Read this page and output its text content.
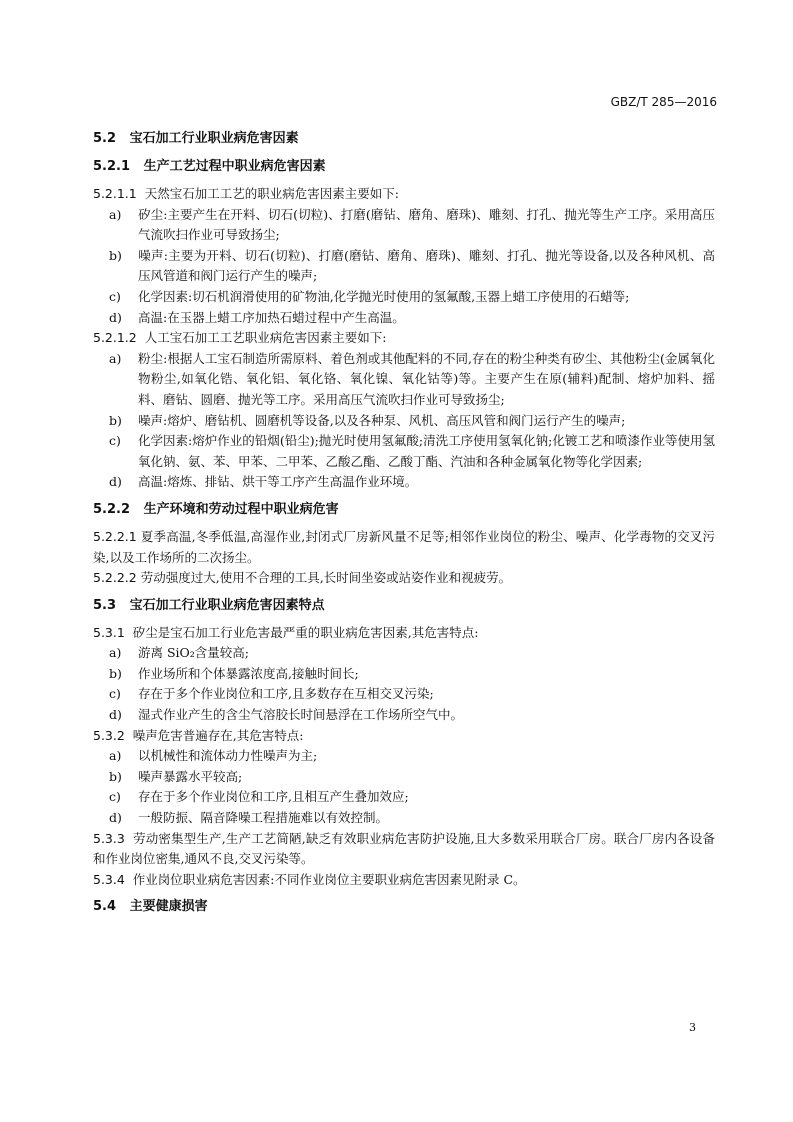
GBZ/T 285—2016
5.2 宝石加工行业职业病危害因素
5.2.1 生产工艺过程中职业病危害因素

5.2.1.1 天然宝石加工工艺的职业病危害因素主要如下:

a) 矽尘:主要产生在开料、切石(切粒)、打磨(磨钻、磨角、磨珠)、雕刻、打孔、抛光等生产工序。采用高压气流吹扫作业可导致扬尘;

b) 噪声:主要为开料、切石(切粒)、打磨(磨钻、磨角、磨珠)、雕刻、打孔、抛光等设备,以及各种风机、高压风管道和阀门运行产生的噪声;

c) 化学因素:切石机润滑使用的矿物油,化学抛光时使用的氢氟酸,玉器上蜡工序使用的石蜡等;

d) 高温:在玉器上蜡工序加热石蜡过程中产生高温。

5.2.1.2 人工宝石加工工艺职业病危害因素主要如下:

a) 粉尘:根据人工宝石制造所需原料、着色剂或其他配料的不同,存在的粉尘种类有矽尘、其他粉尘(金属氧化物粉尘,如氧化锆、氧化铝、氧化铬、氧化镍、氧化钴等)等。主要产生在原(辅料)配制、熔炉加料、摇料、磨钻、圆磨、抛光等工序。采用高压气流吹扫作业可导致扬尘;

b) 噪声:熔炉、磨钻机、圆磨机等设备,以及各种泵、风机、高压风管和阀门运行产生的噪声;

c) 化学因素:熔炉作业的铅烟(铅尘);抛光时使用氢氟酸;清洗工序使用氢氧化钠;化镀工艺和喷漆作业等使用氢氧化钠、氨、苯、甲苯、二甲苯、乙酸乙酯、乙酸丁酯、汽油和各种金属氧化物等化学因素;

d) 高温:熔炼、排钻、烘干等工序产生高温作业环境。

5.2.2 生产环境和劳动过程中职业病危害

5.2.2.1 夏季高温,冬季低温,高湿作业,封闭式厂房新风量不足等;相邻作业岗位的粉尘、噪声、化学毒物的交叉污染,以及工作场所的二次扬尘。

5.2.2.2 劳动强度过大,使用不合理的工具,长时间坐姿或站姿作业和视疲劳。

5.3 宝石加工行业职业病危害因素特点

5.3.1 矽尘是宝石加工行业危害最严重的职业病危害因素,其危害特点:

a) 游离 SiO₂含量较高;

b) 作业场所和个体暴露浓度高,接触时间长;

c) 存在于多个作业岗位和工序,且多数存在互相交叉污染;

d) 湿式作业产生的含尘气溶胶长时间悬浮在工作场所空气中。

5.3.2 噪声危害普遍存在,其危害特点:

a) 以机械性和流体动力性噪声为主;

b) 噪声暴露水平较高;

c) 存在于多个作业岗位和工序,且相互产生叠加效应;

d) 一般防振、隔音降噪工程措施难以有效控制。

5.3.3 劳动密集型生产,生产工艺简陋,缺乏有效职业病危害防护设施,且大多数采用联合厂房。联合厂房内各设备和作业岗位密集,通风不良,交叉污染等。

5.3.4 作业岗位职业病危害因素:不同作业岗位主要职业病危害因素见附录 C。

5.4 主要健康损害
3
